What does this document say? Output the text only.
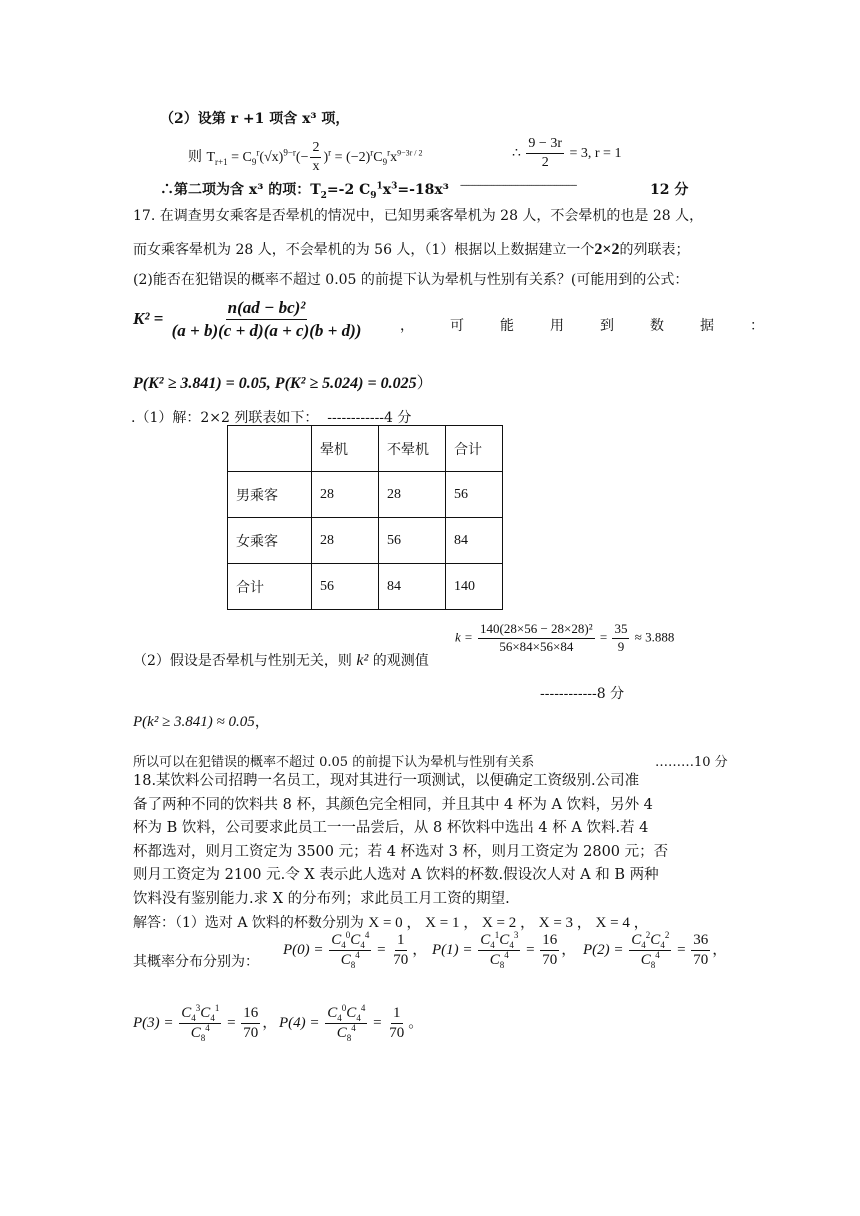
（2）设第 r +1 项含 x³ 项，
则 $T_{r+1} = C_9^r(√x)^{9-r}(- \frac{2}{x} )^r = (-2)^rC_9^rx^{9-3r / 2}$	∴ $\frac{9 - 3r}{2} = 3$, r = 1
∴第二项为含 x³ 的项：$T_2=-2$ $C_9^1x^3=-18x^3$ ---------------------------------------------------------	12 分
17. 在调查男女乘客是否晕机的情况中，已知男乘客晕机为 28 人，不会晕机的也是 28 人，
而女乘客晕机为 28 人，不会晕机的为 56 人，（1）根据以上数据建立一个2×2的列联表；
(2)能否在犯错误的概率不超过 0.05 的前提下认为晕机与性别有关系？(可能用到的公式：
$K^2 = \frac{\text{n(ad − bc)²}}{(a + b)(c + d)(a + c)(b + d))}$	，	可	能	用	到	数	据	：
P(K² ≥ 3.841) = 0.05, P(K² ≥ 5.024) = 0.025）
.（1）解：2×2 列联表如下： ------------4 分
	晕机	不晕机	合计
男乘客	28	28	56
女乘客	28	56	84
合计	56	84	140
（2）假设是否晕机与性别无关，则 k² 的观测值
$k = \frac{\text{140(28×56 − 28×28)²}}{56\times 84\times 56\times 84} = \frac{35}{9} \approx 3.888$
------------8 分
P(k² ≥ 3.841) ≈ 0.05，
所以可以在犯错误的概率不超过 0.05 的前提下认为晕机与性别有关系	………10 分
18.某饮料公司招聘一名员工，现对其进行一项测试，以便确定工资级别.公司准
备了两种不同的饮料共 8 杯，其颜色完全相同，并且其中 4 杯为 A 饮料，另外 4
杯为 B 饮料，公司要求此员工一一品尝后，从 8 杯饮料中选出 4 杯 A 饮料.若 4
杯都选对，则月工资定为 3500 元；若 4 杯选对 3 杯，则月工资定为 2800 元；否
则月工资定为 2100 元.令 X 表示此人选对 A 饮料的杯数.假设次人对 A 和 B 两种
饮料没有鉴别能力.求 X 的分布列；求此员工月工资的期望.
解答：（1）选对 A 饮料的杯数分别为 X = 0 ， X = 1 ， X = 2 ， X = 3 ， X = 4 ，
其概率分布分别为：
$P(0) = \frac{C_4^0C_4^4}{C_8^4} = \frac{1}{70}$ ， $P(1) = \frac{C_4^1C_4^3}{C_8^4} = \frac{16}{70}$ ， $P(2) = \frac{C_4^2C_4^2}{C_8^4} = \frac{36}{70}$ ，
$P(3) = \frac{C_4^3C_4^1}{C_8^4} = \frac{16}{70}$ ， $P(4) = \frac{C_4^0C_4^4}{C_8^4} = \frac{1}{70}$ 。
